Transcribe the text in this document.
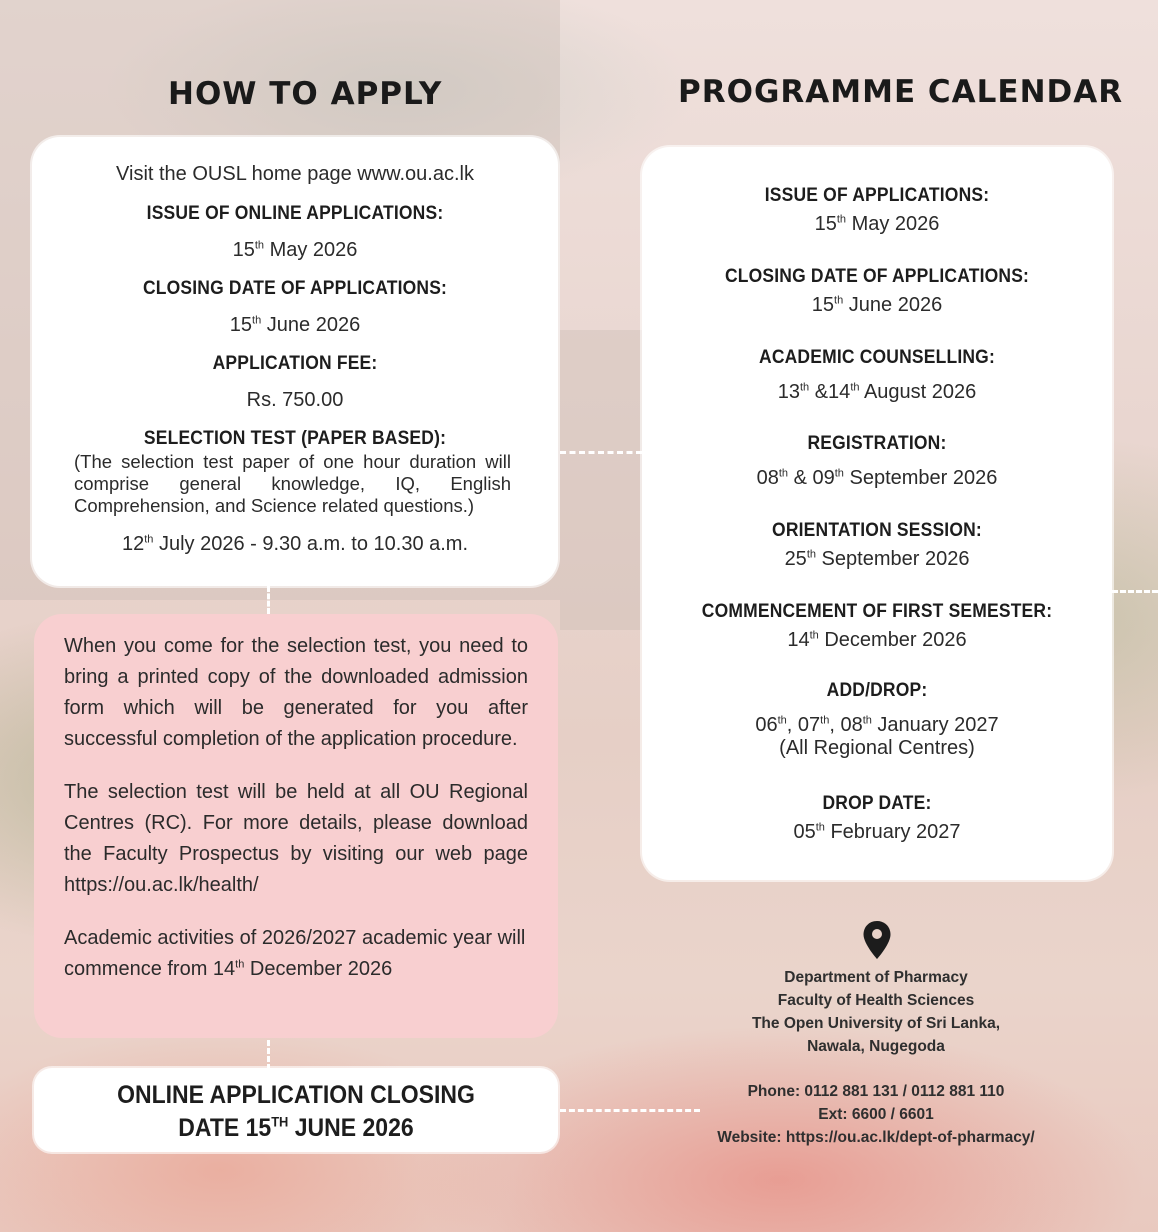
HOW TO APPLY
Visit the OUSL home page www.ou.ac.lk
ISSUE OF ONLINE APPLICATIONS:
15th May 2026
CLOSING DATE OF APPLICATIONS:
15th June 2026
APPLICATION FEE:
Rs. 750.00
SELECTION TEST (PAPER BASED):
(The selection test paper of one hour duration will comprise general knowledge, IQ, English Comprehension, and Science related questions.)
12th July 2026 - 9.30 a.m. to 10.30 a.m.

When you come for the selection test, you need to bring a printed copy of the downloaded admission form which will be generated for you after successful completion of the application procedure.

The selection test will be held at all OU Regional Centres (RC). For more details, please download the Faculty Prospectus by visiting our web page https://ou.ac.lk/health/

Academic activities of 2026/2027 academic year will commence from 14th December 2026

ONLINE APPLICATION CLOSING
DATE 15TH JUNE 2026
PROGRAMME CALENDAR
ISSUE OF APPLICATIONS:
15th May 2026
CLOSING DATE OF APPLICATIONS:
15th June 2026
ACADEMIC COUNSELLING:
13th &14th August 2026
REGISTRATION:
08th & 09th September 2026
ORIENTATION SESSION:
25th September 2026
COMMENCEMENT OF FIRST SEMESTER:
14th December 2026
ADD/DROP:
06th, 07th, 08th January 2027
(All Regional Centres)
DROP DATE:
05th February 2027
Department of Pharmacy
Faculty of Health Sciences
The Open University of Sri Lanka,
Nawala, Nugegoda
Phone: 0112 881 131 / 0112 881 110
Ext: 6600 / 6601
Website: https://ou.ac.lk/dept-of-pharmacy/
